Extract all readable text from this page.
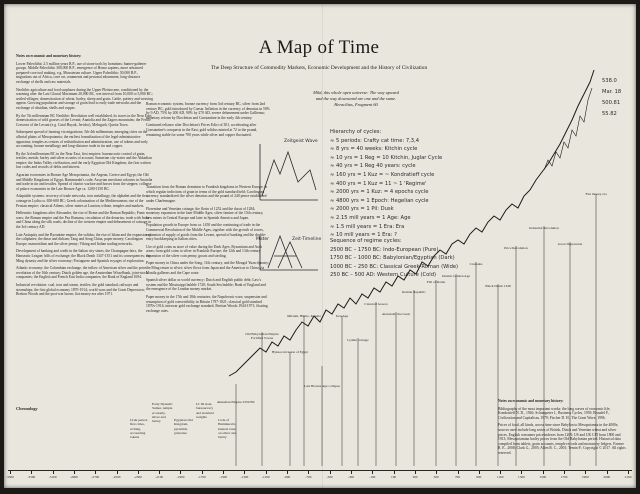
A Map of Time
The Deep Structure of Commodity Markets, Economic Development and the History of Civilization

Notes on economic and monetary history:

Lower Paleolithic 2.5 million years B.P., use of stone tools by hominins; hunter-gatherer groups. Middle Paleolithic 300,000 B.P., emergence of Homo sapiens, more advanced prepared-core tool making, e.g. Mousterian culture. Upper Paleolithic 50,000 B.P., migrations out of Africa, cave art, ornaments and personal adornment, long-distance exchange of shells and raw materials.

Neolithic agriculture and food surpluses during the Upper Pleistocene, conditioned by the warming after the Last Glacial Maximum 20,000 BC, wet interval from 10,000 to 5,000 BC; settled villages; domestication of wheat, barley, sheep and goats. Cattle, pottery and weaving appear. Growing population and storage of grain lead to early trade networks and the exchange of obsidian, shells and copper.

By the 7th millennium BC Neolithic Revolution well established, its traces in the Near East; domestication of wild grasses of the Levant; Anatolia and the Zagros mountains; the Fertile Crescent of the Levant (e.g. Catal Huyuk, Jericho), Mehrgarh, Quetta Town.

Subsequent spread of farming via migrations; 5th-4th millennium, emerging cities on the alluvial plains of Mesopotamia; the earliest formalization of the legal-administrative apparatus; temples as centres of redistribution and administration, use of tokens and early accounting; bronze metallurgy and long-distance trade in tin and copper.

By the 3rd millennium BC in the Near East, first empires: bureaucratic control of grain, textiles, metals; barley and silver as units of account; Sumerian city-states and the Akkadian empire; the Indus Valley civilization, and the early Egyptian Old Kingdom; the first written law codes and records of debts and interest.

Agrarian economies in Bronze Age Mesopotamia, the Aegean, Greece and Egypt; the Old and Middle Kingdoms of Egypt, Hammurabi's code; Assyrian merchant colonies in Anatolia and trade in tin and textiles. Spread of chariot warfare and horses from the steppes; collapse of palace economies in the Late Bronze Age ca. 1200-1150 BC.

Adaptable systems: recovery of trade networks, iron metallurgy, the alphabet and the first coinage in Lydia ca. 650-600 BC; Greek colonization of the Mediterranean; rise of the Persian empire; classical Athens, silver mines at Laurion; tribute, temples and markets.

Hellenistic kingdoms after Alexander, the rise of Rome and the Roman Republic; Punic wars; the Roman empire and the Pax Romana, circulation of the denarius; trade with India and China along the silk roads; decline of the western empire and debasement of coinage in the 3rd century AD.

Late Antiquity and the Byzantine empire; the solidus; the rise of Islam and the expansion of the caliphates; the dinar and dirham; Tang and Song China, paper money; Carolingian Europe, manorialism and the silver penny; Viking and Italian trading networks.

Development of banking and credit in the Italian city-states, the Champagne fairs, the Hanseatic League; bills of exchange; the Black Death 1347-1351 and its consequences; the Ming dynasty and the silver economy; Portuguese and Spanish voyages of exploration.

Atlantic economy: the Columbian exchange, the inflow of American silver and the price revolution of the 16th century; Dutch golden age, the Amsterdam Wisselbank, joint-stock companies; the English and French East India companies; the Bank of England 1694.

Industrial revolution: coal, iron and steam, textiles; the gold standard, railways and steamships; the first global economy 1870-1914; world wars and the Great Depression; Bretton Woods and the post-war boom; fiat money era after 1971.

Roman economic system, bronze currency from 3rd century BC, silver from 2nd century BC, gold introduced by Caesar. Inflation in the currency of denarius in 50% by 9 AD, 75% by 200 AD, 90% by 270 AD, severe debasement under Gallienus; monetary reform by Diocletian and Constantine in the early 4th century.

Continued reliance after Diocletian's Prices Edict of 301, accelerating after Constantine's conquests in the East; gold solidus minted at 72 to the pound, remaining stable for some 700 years while silver and copper fluctuated.

Transition from the Roman dominion to Frankish kingdoms in Western Europe, in which regular indictions of grain in terms of the gold standard held; Carolingian currency standardized: the silver denarius and the pound of 240 pence established under Charlemagne.

Florentine and Venetian coinage, the florin of 1252 and the ducat of 1284; monetary expansion in the later Middle Ages; silver famine of the 15th century, new mines in Central Europe and later in Spanish America and Japan.

Population growth in Europe from ca. 1450 and the continuing of trade in the Commercial Revolution of the Middle Ages, together with the growth of towns, expansion of supply of goods from the Levant, spread of banking and the double-entry bookkeeping in Italian cities.

Use of gold coins as store of value during the Dark Ages; Byzantium and Arab areas; from gold coins to silver in Frankish Europe; the 12th and 13th century expansion of the silver coin penny, groats and sterling.

Paper money in China under the Song, 11th century, and the Mongol Yuan dynasty; the Ming return to silver; silver flows from Japan and the Americas to China via Manila galleons and the Cape route.

Spanish silver dollar as world currency; Dutch and English public debt; Law's system and the Mississippi bubble 1720; South Sea bubble; Bank of England and the emergence of the London money market.

Paper money in the 17th and 18th centuries; the Napoleonic wars; suspension and resumption of gold convertibility in Britain 1797-1821; classical gold standard 1870s-1914; interwar gold exchange standard; Bretton Woods 1944-1971; floating exchange rates.

Mild, this whole open universe: The way upward and the way downward are one and the same. Heraclitus, Fragment 60
Zeitgeist Wave
Mater	Zeit-Timeline
Hierarchy of cycles:
≈ 5 periods: Crafty cat time: 7,3,4
≈ 8 yrs = 40 weeks: Kitchin cycle
≈ 10 yrs = 1 Reg = 10 Kitchin, Juglar Cycle
≈ 40 yrs = 1 Reg 40 years: cycle
≈ 160 yrs = 1 Kuz = ~ Kondratieff cycle
≈ 400 yrs = 1 Kuz = 11 ~ 1 'Regime'
≈ 2000 yrs = 1 Kuz: = 4 epochs cycle
≈ 4800 yrs = 1 Epoch: Hegelian cycle
≈ 2000 yrs = 1 Pil: Dusk
≈ 2.15 mill years = 1 Age: Age
≈ 1.5 mill years = 1 Era: Era
≈ 10 mill years = 1 Era: ?
Sequence of regime cycles:
2500 BC – 1750 BC: Indo-European (Pure)
1750 BC – 1000 BC: Babylonian/Egyptian (Dark)
1000 BC – 250 BC: Classical Greek-Roman (Wide)
250 BC – 500 AD: Western Culture (Cold)
538.0
Mar. 18
500.81
55.82
Chronology

Notes on economic and monetary history:

Bibliography of the most important works: the long waves of economic life; Kondratieff N. D., 1926; Schumpeter J., Business Cycles, 1939; Braudel F., Civilization and Capitalism, 1979; Fischer D. H., The Great Wave, 1996.

Prices of food, all kinds, across time since Babylon to Mesopotamia in the 4000s; sources used include long series of British, Dutch and Venetian wheat and silver prices, English consumer price indexes from 1209; US and UK CPI from 1800 and 1913; Mesopotamian barley prices from the Old Babylonian period. Historical data compiled from tablets, grain accounts, temple records and monastery ledgers. Farmer R. E., 2008; Clark G., 2005; Allen R. C., 2001; Temin P.; Copyright © 2017. All rights reserved.

Akkadian Empire 2350 BC
Old Babylonian Empire Fortified Towns
Hyksos invasion of Egypt
Mitanni, Hittite, Kassite
Late Bronze Age collapse
Iron Age
Lydian coinage
Classical Greece
Alexander the Great
Roman Republic
Fall of Rome
Islamic Golden Age
Crusades
Black Death 1348
Price Revolution
Industrial Revolution
Great Depression
Fiat money era
Uruk period, first cities, writing, accounting tokens
Early Dynastic Sumer, temple economy, silver and barley	Egyptian Old Kingdom, pyramids, granaries
Ur III state, bureaucracy and standard weights
Code of Hammurabi, interest rates on silver and barley
-3500	-3300	-3100	-2900	-2700	-2500	-2300	-2100	-1900	-1700	-1500	-1300	-1100	-900	-700	-500	-300	-100	100	300	500	700	900	1100	1300	1500	1700	1900	2000	2100
